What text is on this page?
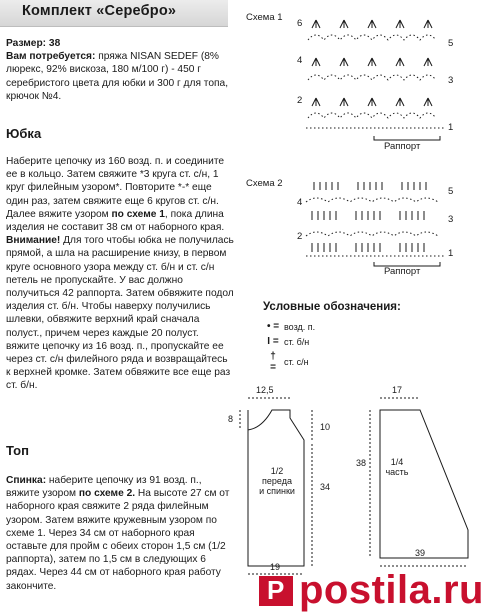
Комплект «Серебро»
Размер: 38
Вам потребуется: пряжа NISAN SEDEF (8% люрекс, 92% вискоза, 180 м/100 г) - 450 г серебристого цвета для юбки и 300 г для топа, крючок №4.
Юбка
Наберите цепочку из 160 возд. п. и соедините ее в кольцо. Затем свяжите *3 круга ст. с/н, 1 круг филейным узором*. Повторите *-* еще один раз, затем свяжите еще 6 кругов ст. с/н. Далее вяжите узором по схеме 1, пока длина изделия не составит 38 см от наборного края. Внимание! Для того чтобы юбка не получилась прямой, а шла на расширение книзу, в первом круге основного узора между ст. б/н и ст. с/н петель не пропускайте. У вас должно получиться 42 раппорта. Затем обвяжите подол изделия ст. б/н. Чтобы наверху получились шлевки, обвяжите верхний край сначала полуст., причем через каждые 20 полуст. вяжите цепочку из 16 возд. п., пропускайте ее через ст. с/н филейного ряда и возвращайтесь к верхней кромке. Затем обвяжите все еще раз ст. б/н.
Топ
Спинка: наберите цепочку из 91 возд. п., вяжите узором по схеме 2. На высоте 27 см от наборного края свяжите 2 ряда филейным узором. Затем вяжите кружевным узором по схеме 1. Через 34 см от наборного края оставьте для пройм с обеих сторон 1,5 см (1/2 раппорта), затем по 1,5 см в следующих 6 рядах. Через 44 см от наборного края работу закончите.
Схема 1
6
4
2
5
3
1
Раппорт
Схема 2
4
2
5
3
1
Раппорт
Условные обозначения:
• = возд. п.
I = ст. б/н
† = ст. с/н
12,5
8
10
34
19
1/2
переда
и спинки
17
38
39
1/4
часть
P postila.ru
